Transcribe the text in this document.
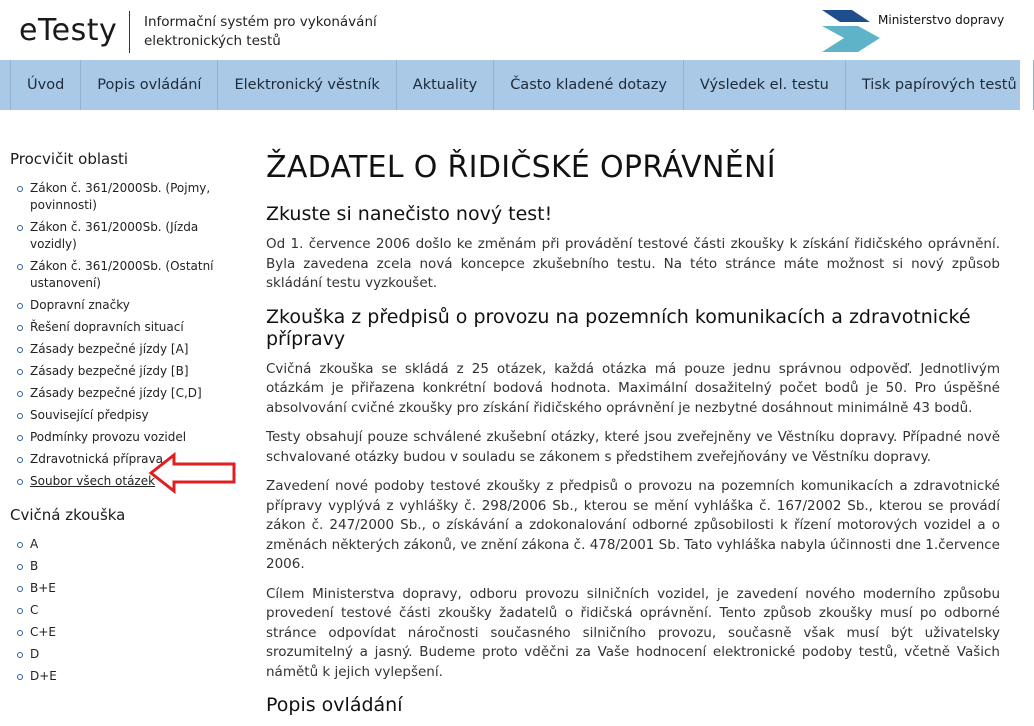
eTesty Informační systém pro vykonávání elektronických testů
Ministerstvo dopravy
Úvod	Popis ovládání	Elektronický věstník	Aktuality	Často kladené dotazy	Výsledek el. testu	Tisk papírových testů
Procvičit oblasti
Zákon č. 361/2000Sb. (Pojmy, povinnosti)
Zákon č. 361/2000Sb. (Jízda vozidly)
Zákon č. 361/2000Sb. (Ostatní ustanovení)
Dopravní značky
Řešení dopravních situací
Zásady bezpečné jízdy [A]
Zásady bezpečné jízdy [B]
Zásady bezpečné jízdy [C,D]
Související předpisy
Podmínky provozu vozidel
Zdravotnická příprava
Soubor všech otázek
Cvičná zkouška
A
B
B+E
C
C+E
D
D+E
ŽADATEL O ŘIDIČSKÉ OPRÁVNĚNÍ
Zkuste si nanečisto nový test!

Od 1. července 2006 došlo ke změnám při provádění testové části zkoušky k získání řidičského oprávnění. Byla zavedena zcela nová koncepce zkušebního testu. Na této stránce máte možnost si nový způsob skládání testu vyzkoušet.

Zkouška z předpisů o provozu na pozemních komunikacích a zdravotnické přípravy

Cvičná zkouška se skládá z 25 otázek, každá otázka má pouze jednu správnou odpověď. Jednotlivým otázkám je přiřazena konkrétní bodová hodnota. Maximální dosažitelný počet bodů je 50. Pro úspěšné absolvování cvičné zkoušky pro získání řidičského oprávnění je nezbytné dosáhnout minimálně 43 bodů.

Testy obsahují pouze schválené zkušební otázky, které jsou zveřejněny ve Věstníku dopravy. Případné nově schvalované otázky budou v souladu se zákonem s předstihem zveřejňovány ve Věstníku dopravy.

Zavedení nové podoby testové zkoušky z předpisů o provozu na pozemních komunikacích a zdravotnické přípravy vyplývá z vyhlášky č. 298/2006 Sb., kterou se mění vyhláška č. 167/2002 Sb., kterou se provádí zákon č. 247/2000 Sb., o získávání a zdokonalování odborné způsobilosti k řízení motorových vozidel a o změnách některých zákonů, ve znění zákona č. 478/2001 Sb. Tato vyhláška nabyla účinnosti dne 1.července 2006.

Cílem Ministerstva dopravy, odboru provozu silničních vozidel, je zavedení nového moderního způsobu provedení testové části zkoušky žadatelů o řidičská oprávnění. Tento způsob zkoušky musí po odborné stránce odpovídat náročnosti současného silničního provozu, současně však musí být uživatelsky srozumitelný a jasný. Budeme proto vděčni za Vaše hodnocení elektronické podoby testů, včetně Vašich námětů k jejich vylepšení.

Popis ovládání
